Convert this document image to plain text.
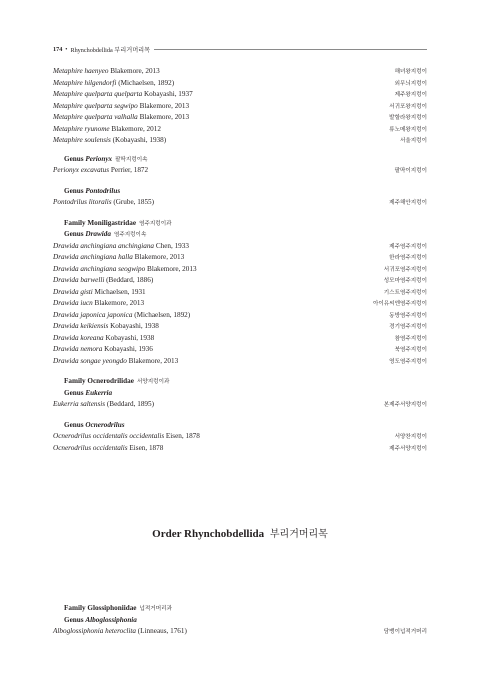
174 • Rhynchobdellida 부리거머리목
Metaphire haenyeo Blakemore, 2013	해녀왕지렁이
Metaphire hilgendorfi (Michaelsen, 1892)	외무늬지렁이
Metaphire quelparta quelparta Kobayashi, 1937	제주왕지렁이
Metaphire quelparta segwipo Blakemore, 2013	서귀포왕지렁이
Metaphire quelparta valhalla Blakemore, 2013	발할라왕지렁이
Metaphire ryunome Blakemore, 2012	류노메왕지렁이
Metaphire soulensis (Kobayashi, 1938)	서울지렁이
Genus
Perionyx 팔딱지렁이속
Perionyx excavatus Perrier, 1872	팔딱이지렁이
Genus
Pontodrilus
Pontodrilus litoralis (Grube, 1855)	제주해안지렁이
Family
Moniligastridae 염주지렁이과
Genus
Drawida 염주지렁이속
Drawida anchingiana anchingiana Chen, 1933	제주염주지렁이
Drawida anchingiana halla Blakemore, 2013	한라염주지렁이
Drawida anchingiana seogwipo Blakemore, 2013	서귀포염주지렁이
Drawida barwelli (Beddard, 1886)	성모마염주지렁이
Drawida gisti Michaelsen, 1931	기스트염주지렁이
Drawida iucn Blakemore, 2013	아이유씨엔염주지렁이
Drawida japonica japonica (Michaelsen, 1892)	동방염주지렁이
Drawida keikiensis Kobayashi, 1938	경기염주지렁이
Drawida koreana Kobayashi, 1938	참염주지렁이
Drawida nemora Kobayashi, 1936	북염주지렁이
Drawida songae yeongdo Blakemore, 2013	영도염주지렁이
Family
Ocnerodrilidae 서양지렁이과
Genus
Eukerria
Eukerria saltensis (Beddard, 1895)	본제주서양지렁이
Genus
Ocnerodrilus
Ocnerodrilus occidentalis occidentalis Eisen, 1878	서양찬지렁이
Ocnerodrilus occidentalis Eisen, 1878	제주서양지렁이
Order Rhynchobdellida 부리거머리목
Family
Glossiphoniidae 넙적거머리과
Genus
Alboglossiphonia
Alboglossiphonia heteroclita (Linneaus, 1761)	담뱅이넙적거머리
